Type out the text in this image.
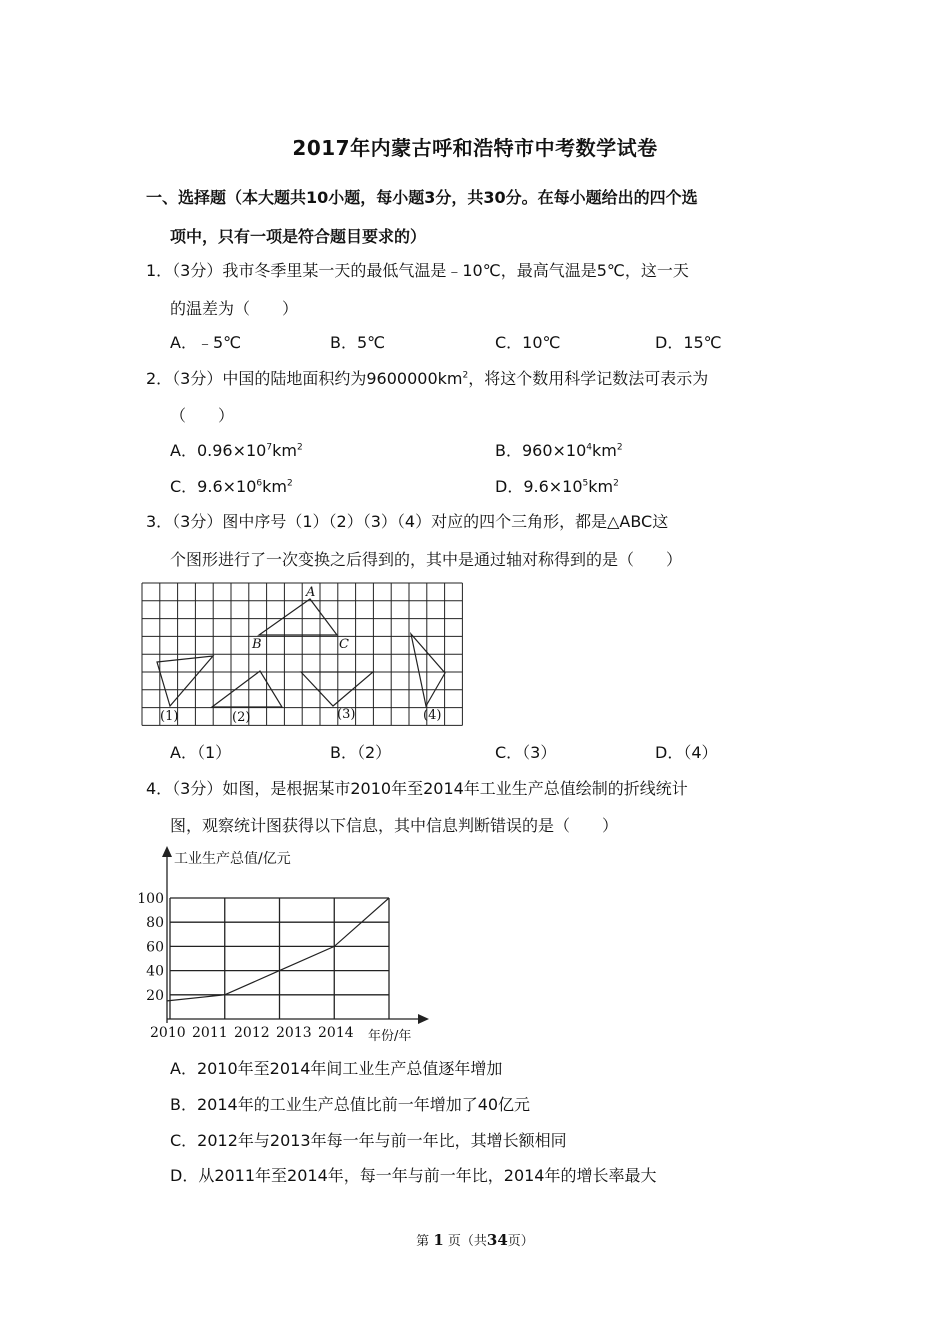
2017年内蒙古呼和浩特市中考数学试卷
一、选择题（本大题共10小题，每小题3分，共30分。在每小题给出的四个选
项中，只有一项是符合题目要求的）
1．（3分）我市冬季里某一天的最低气温是﹣10℃，最高气温是5℃，这一天
的温差为（　　）
A．﹣5℃	B．5℃	C．10℃	D．15℃
2．（3分）中国的陆地面积约为$9600000km^2$，将这个数用科学记数法可表示为
（　　）
A．$0.96\times 10^7km^2$	B．$960\times 10^4km^2$
C．$9.6\times 10^6km^2$	D．$9.6\times 10^5km^2$
3．（3分）图中序号（1）（2）（3）（4）对应的四个三角形，都是△ABC这
个图形进行了一次变换之后得到的，其中是通过轴对称得到的是（　　）
A
B	C
(1)	(2)	(3)	(4)
A．（1）	B．（2）	C．（3）	D．（4）
4．（3分）如图，是根据某市2010年至2014年工业生产总值绘制的折线统计
图，观察统计图获得以下信息，其中信息判断错误的是（　　）
工业生产总值/亿元
年份/年
20
40
60
80
100
2010 2011 2012 2013 2014
A．2010年至2014年间工业生产总值逐年增加
B．2014年的工业生产总值比前一年增加了40亿元
C．2012年与2013年每一年与前一年比，其增长额相同
D．从2011年至2014年，每一年与前一年比，2014年的增长率最大
第 1 页（共34页）
